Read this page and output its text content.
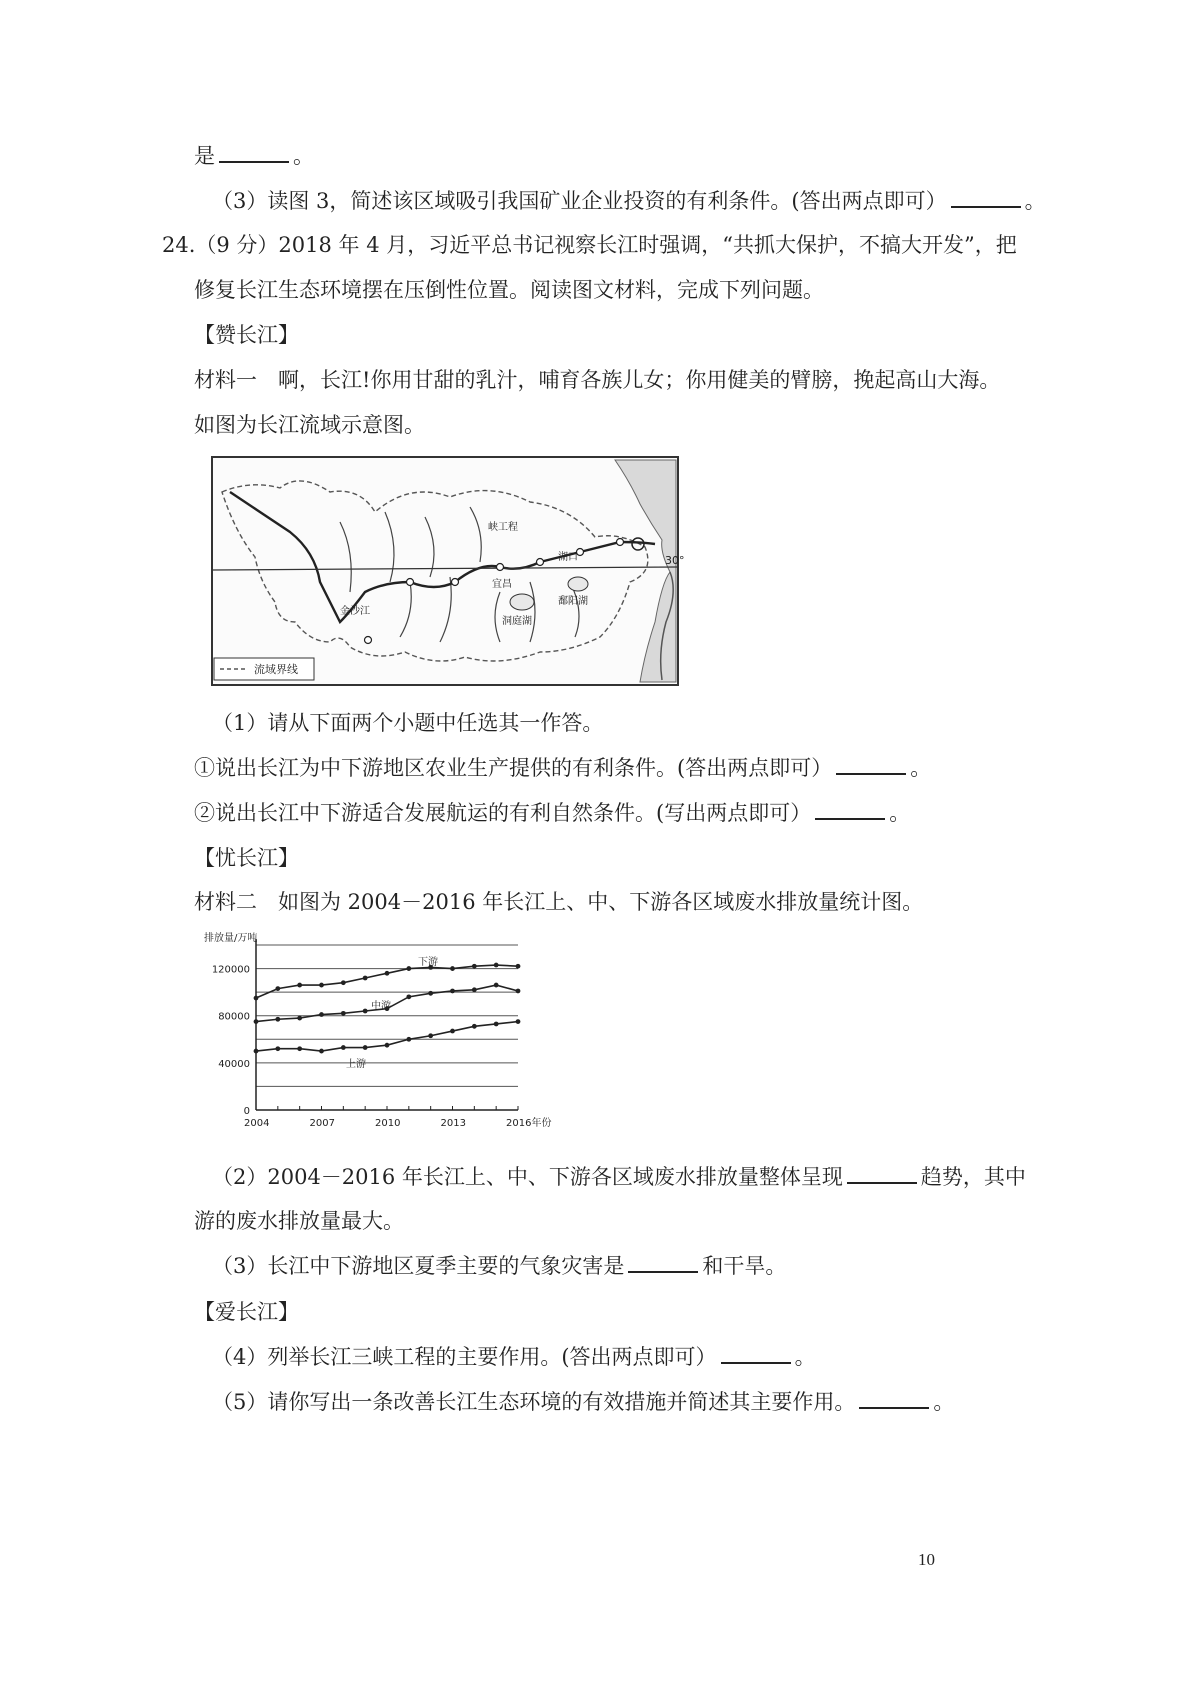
是	。
（3）读图 3，简述该区域吸引我国矿业企业投资的有利条件。(答出两点即可）	。
24.（9 分）2018 年 4 月，习近平总书记视察长江时强调，“共抓大保护，不搞大开发”，把
修复长江生态环境摆在压倒性位置。阅读图文材料，完成下列问题。
【赞长江】
材料一　啊，长江!你用甘甜的乳汁，哺育各族儿女；你用健美的臂膀，挽起高山大海。
如图为长江流域示意图。
30°
峡工程
宜昌
洞庭湖
湖口
鄱阳湖
金沙江
流域界线
（1）请从下面两个小题中任选其一作答。
①说出长江为中下游地区农业生产提供的有利条件。(答出两点即可）	。
②说出长江中下游适合发展航运的有利自然条件。(写出两点即可）	。
【忧长江】
材料二　如图为 2004－2016 年长江上、中、下游各区域废水排放量统计图。
排放量/万吨
0
40000
80000
120000
2004	2007	2010	2013	2016年份
下游
中游
上游
（2）2004－2016 年长江上、中、下游各区域废水排放量整体呈现	趋势，其中
游的废水排放量最大。
（3）长江中下游地区夏季主要的气象灾害是	和干旱。
【爱长江】
（4）列举长江三峡工程的主要作用。(答出两点即可）	。
（5）请你写出一条改善长江生态环境的有效措施并简述其主要作用。	。
10
